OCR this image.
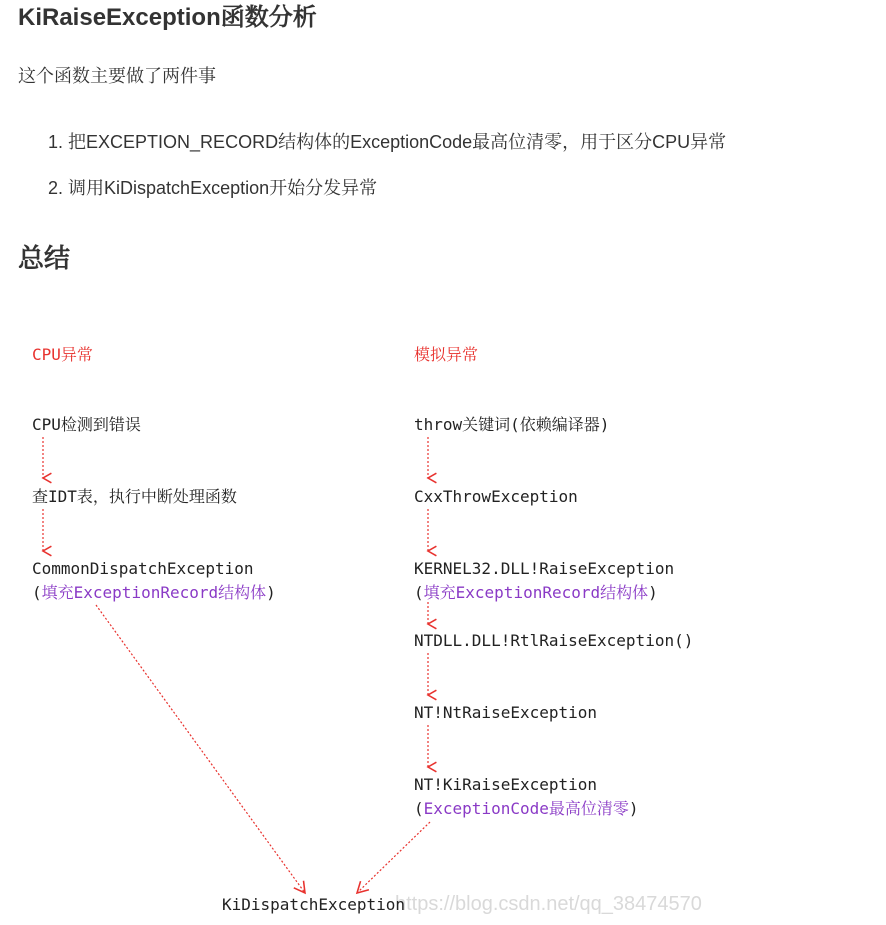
KiRaiseException函数分析
这个函数主要做了两件事
1. 把EXCEPTION_RECORD结构体的ExceptionCode最高位清零，用于区分CPU异常
2. 调用KiDispatchException开始分发异常
总结
https://blog.csdn.net/qq_38474570
CPU异常
CPU检测到错误
查IDT表，执行中断处理函数
CommonDispatchException
(填充ExceptionRecord结构体)
模拟异常
throw关键词(依赖编译器)
CxxThrowException
KERNEL32.DLL!RaiseException
(填充ExceptionRecord结构体)
NTDLL.DLL!RtlRaiseException()
NT!NtRaiseException
NT!KiRaiseException
(ExceptionCode最高位清零)
KiDispatchException
